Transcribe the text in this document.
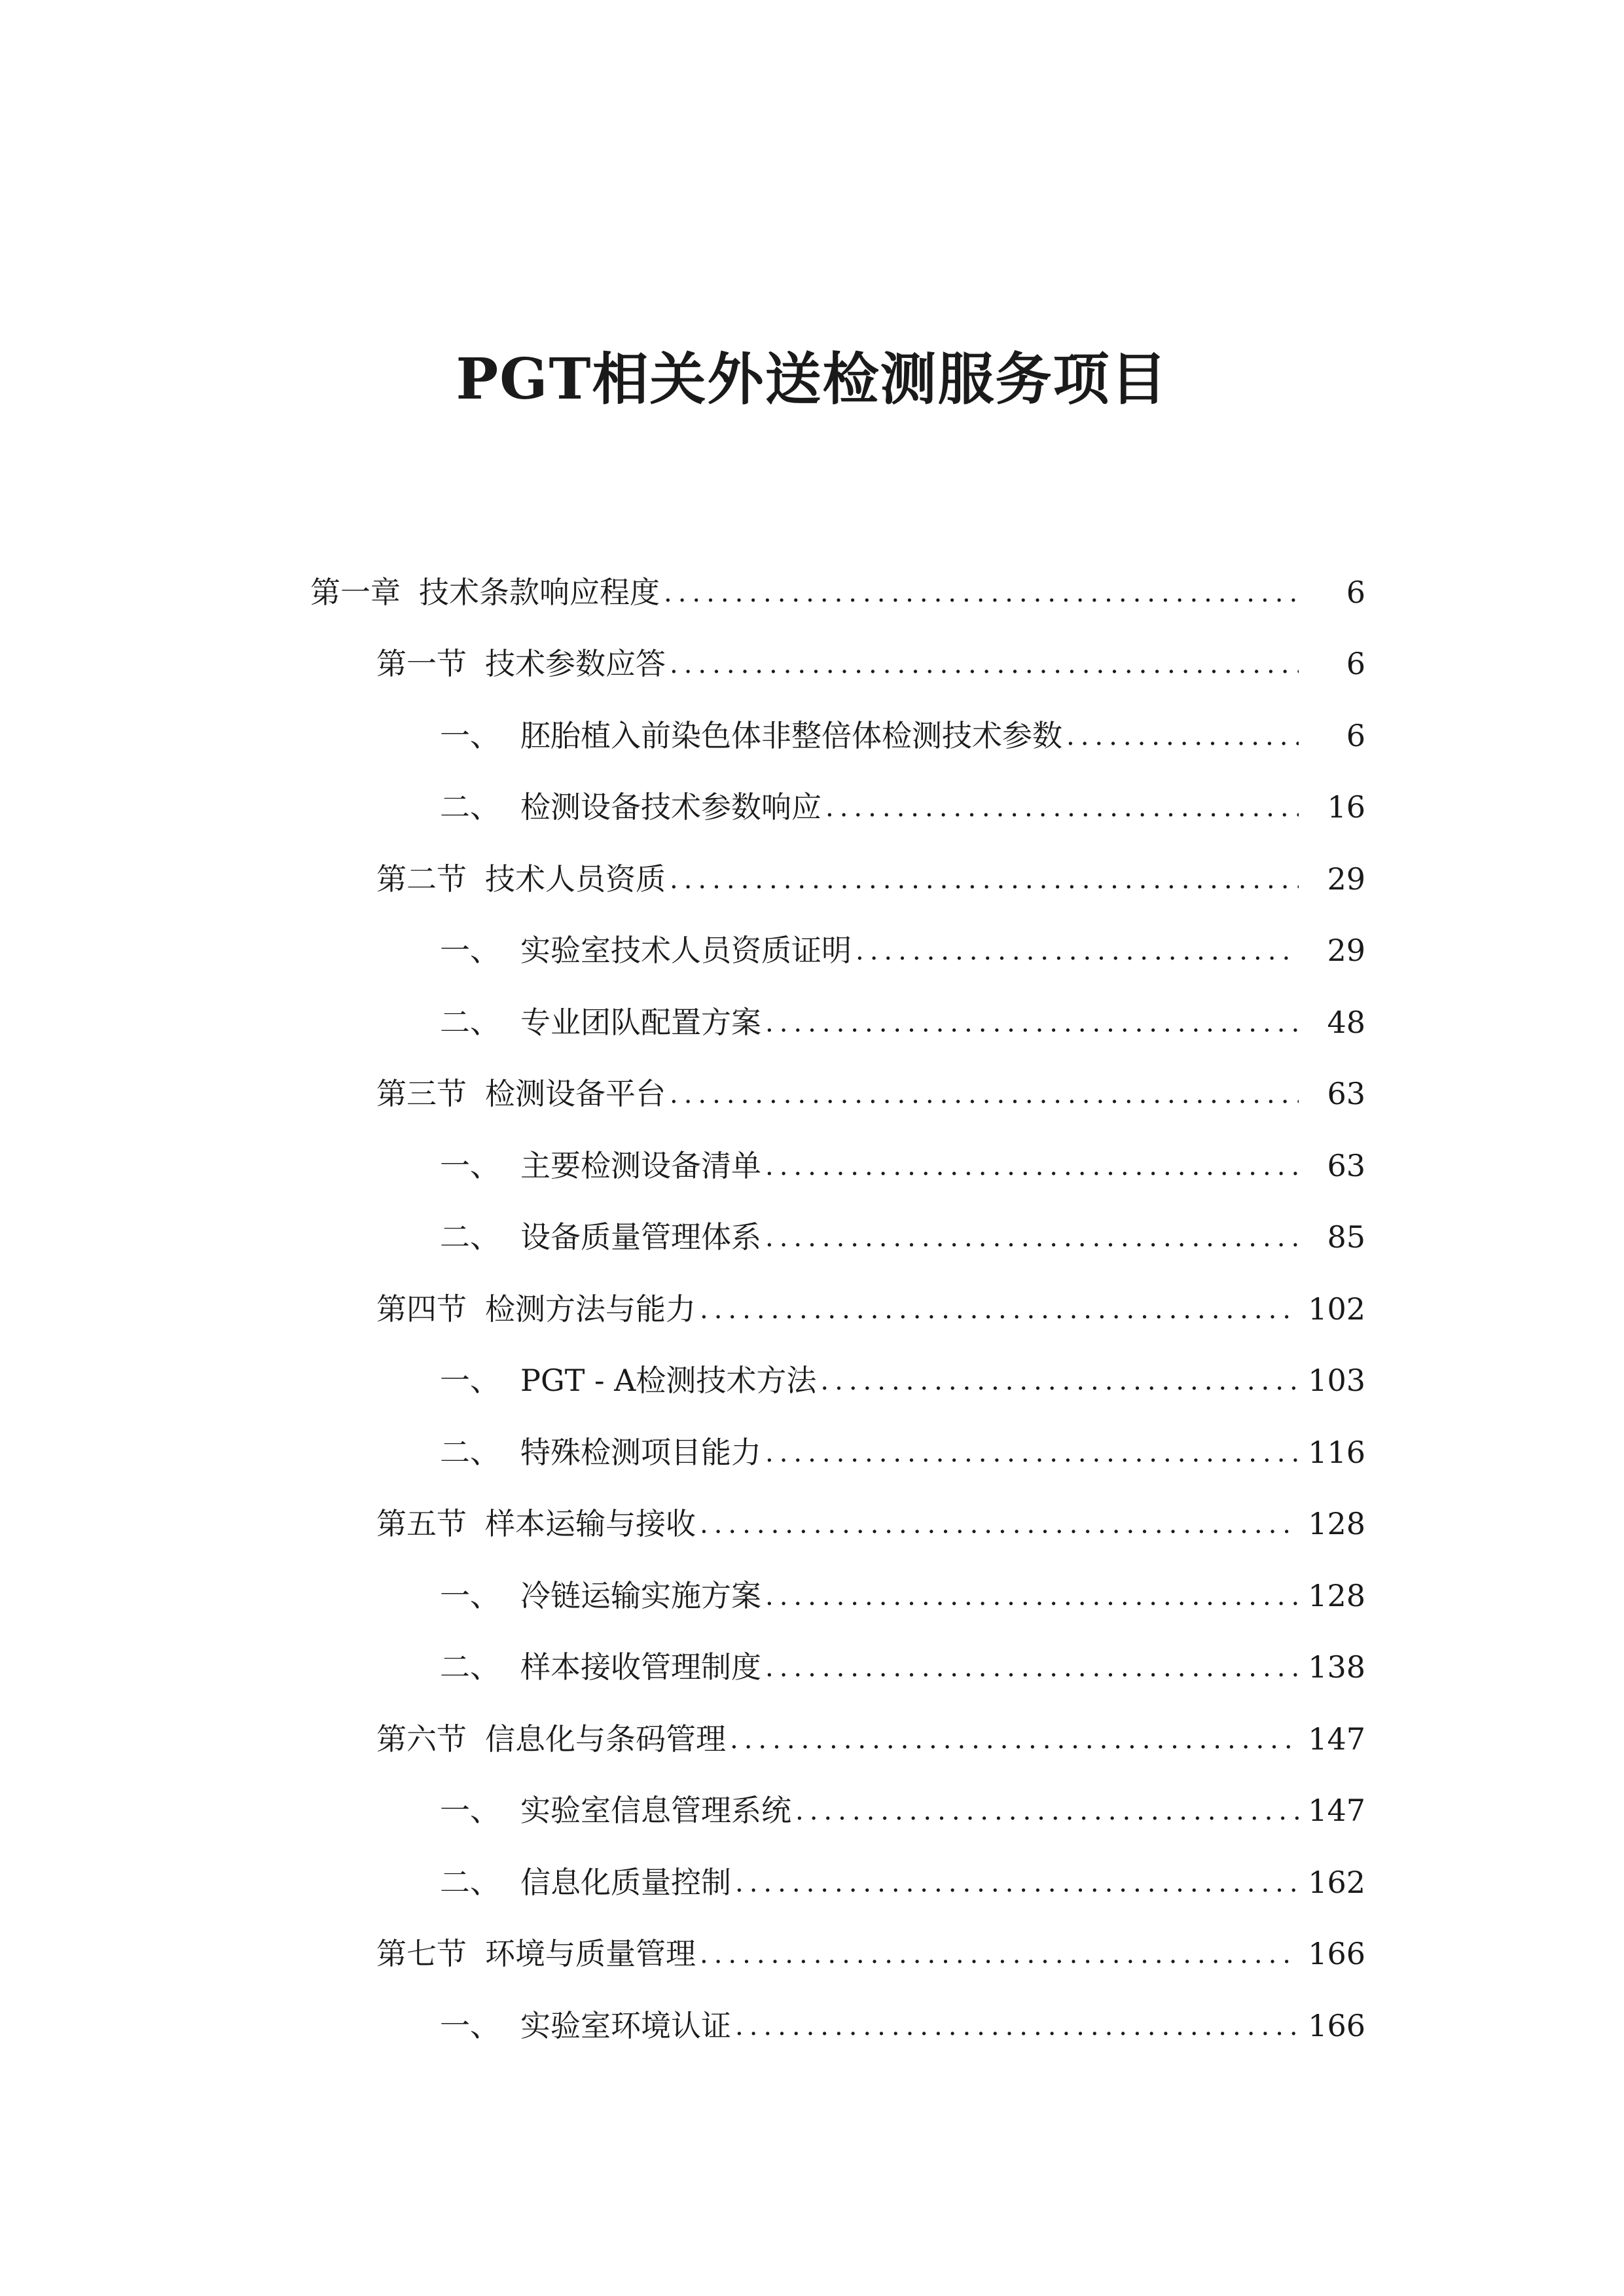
PGT相关外送检测服务项目
第一章 技术条款响应程度 .....	6
第一节 技术参数应答 .....	6
一、 胚胎植入前染色体非整倍体检测技术参数 .....	6
二、 检测设备技术参数响应 .....	16
第二节 技术人员资质 .....	29
一、 实验室技术人员资质证明 .....	29
二、 专业团队配置方案 .....	48
第三节 检测设备平台 .....	63
一、 主要检测设备清单 .....	63
二、 设备质量管理体系 .....	85
第四节 检测方法与能力 .....	102
一、 PGT - A检测技术方法 .....	103
二、 特殊检测项目能力 .....	116
第五节 样本运输与接收 .....	128
一、 冷链运输实施方案 .....	128
二、 样本接收管理制度 .....	138
第六节 信息化与条码管理 .....	147
一、 实验室信息管理系统 .....	147
二、 信息化质量控制 .....	162
第七节 环境与质量管理 .....	166
一、 实验室环境认证 .....	166
